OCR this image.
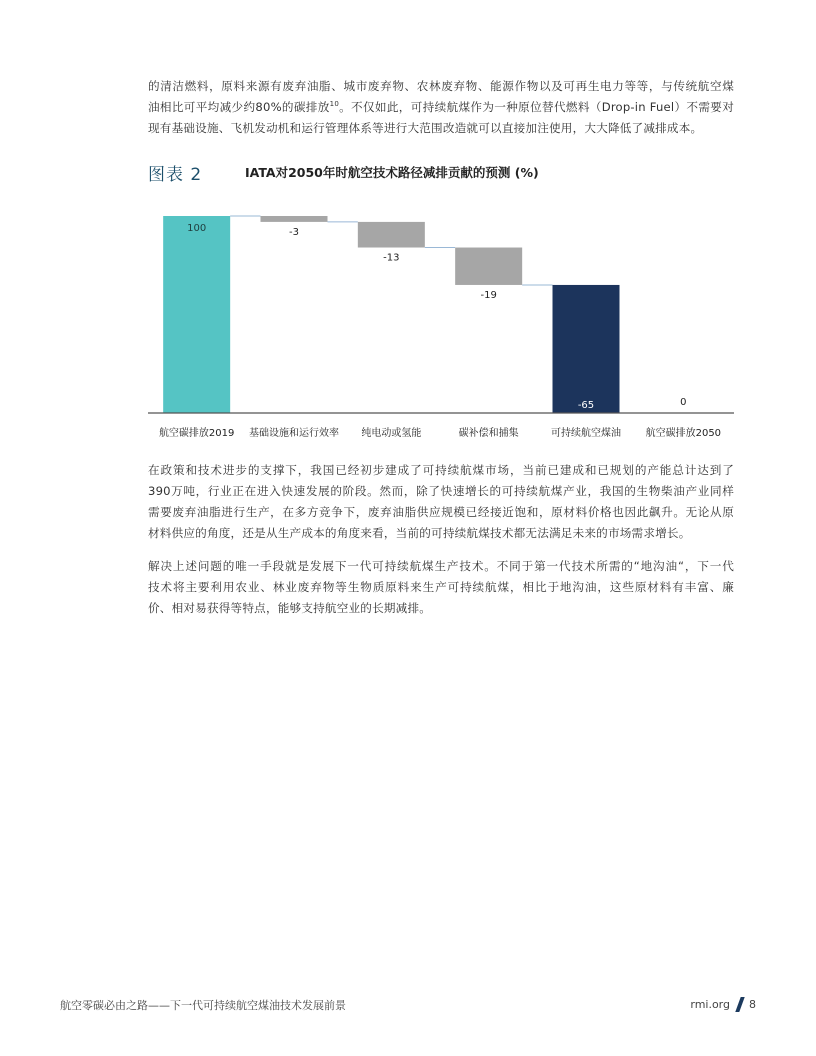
的清洁燃料，原料来源有废弃油脂、城市废弃物、农林废弃物、能源作物以及可再生电力等等，与传统航空煤
油相比可平均减少约80%的碳排放$^{10}$。不仅如此，可持续航煤作为一种原位替代燃料（Drop-in Fuel）不需要对
现有基础设施、飞机发动机和运行管理体系等进行大范围改造就可以直接加注使用，大大降低了减排成本。
图表 2	IATA对2050年时航空技术路径减排贡献的预测 (%)
100
航空碳排放2019
-3
基础设施和运行效率
-13
纯电动或氢能
-19
碳补偿和捕集
-65
可持续航空煤油
0
航空碳排放2050
在政策和技术进步的支撑下，我国已经初步建成了可持续航煤市场，当前已建成和已规划的产能总计达到了
390万吨，行业正在进入快速发展的阶段。然而，除了快速增长的可持续航煤产业，我国的生物柴油产业同样
需要废弃油脂进行生产，在多方竞争下，废弃油脂供应规模已经接近饱和，原材料价格也因此飙升。无论从原
材料供应的角度，还是从生产成本的角度来看，当前的可持续航煤技术都无法满足未来的市场需求增长。
解决上述问题的唯一手段就是发展下一代可持续航煤生产技术。不同于第一代技术所需的“地沟油“，下一代
技术将主要利用农业、林业废弃物等生物质原料来生产可持续航煤，相比于地沟油，这些原材料有丰富、廉
价、相对易获得等特点，能够支持航空业的长期减排。
航空零碳必由之路——下一代可持续航空煤油技术发展前景	rmi.org 8
